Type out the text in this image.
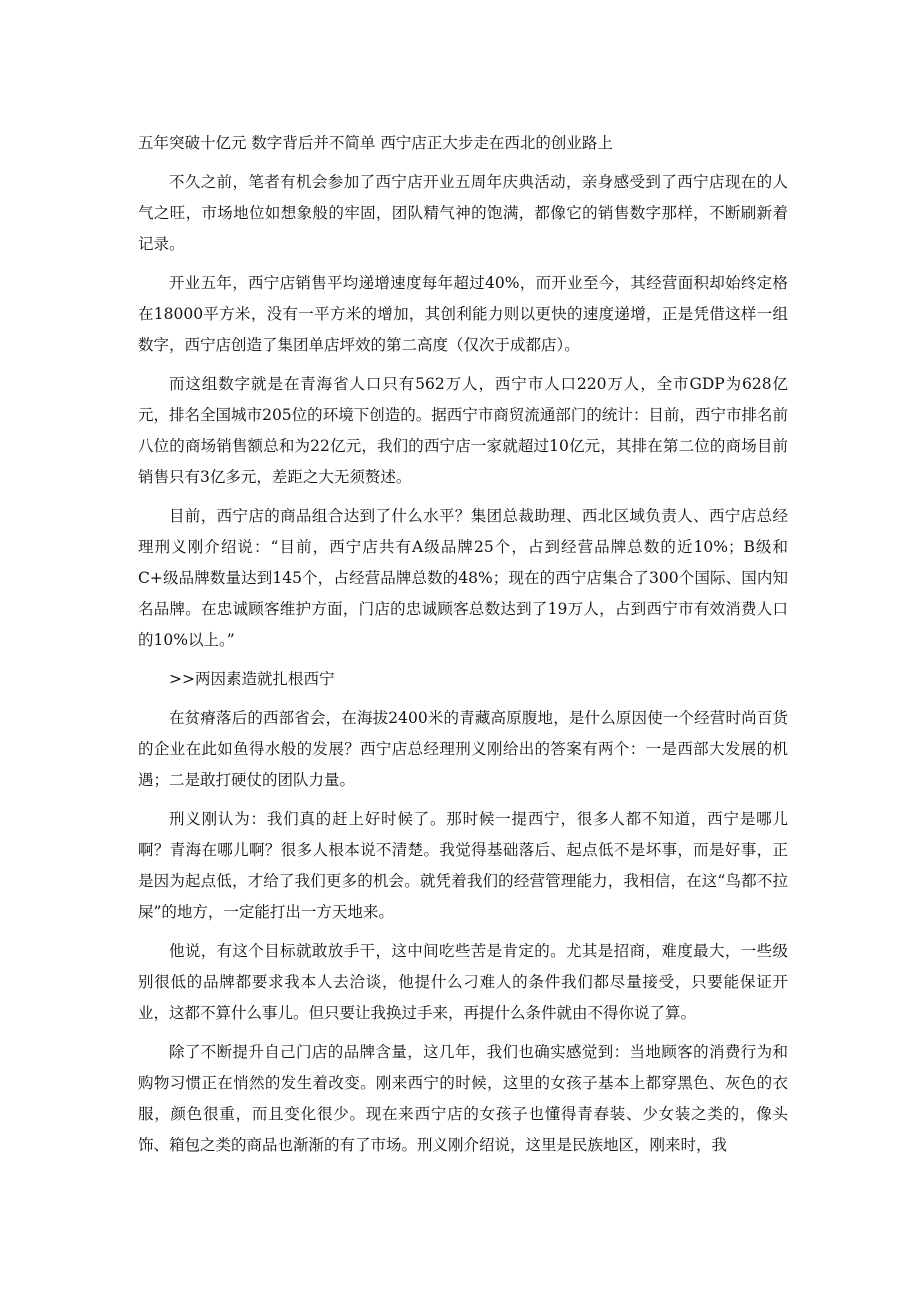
五年突破十亿元 数字背后并不简单 西宁店正大步走在西北的创业路上

不久之前，笔者有机会参加了西宁店开业五周年庆典活动，亲身感受到了西宁店现在的人气之旺，市场地位如想象般的牢固，团队精气神的饱满，都像它的销售数字那样，不断刷新着记录。

开业五年，西宁店销售平均递增速度每年超过40%，而开业至今，其经营面积却始终定格在18000平方米，没有一平方米的增加，其创利能力则以更快的速度递增，正是凭借这样一组数字，西宁店创造了集团单店坪效的第二高度（仅次于成都店）。

而这组数字就是在青海省人口只有562万人，西宁市人口220万人，全市GDP为628亿元，排名全国城市205位的环境下创造的。据西宁市商贸流通部门的统计：目前，西宁市排名前八位的商场销售额总和为22亿元，我们的西宁店一家就超过10亿元，其排在第二位的商场目前销售只有3亿多元，差距之大无须赘述。

目前，西宁店的商品组合达到了什么水平？集团总裁助理、西北区域负责人、西宁店总经理刑义刚介绍说：“目前，西宁店共有A级品牌25个，占到经营品牌总数的近10%；B级和C+级品牌数量达到145个，占经营品牌总数的48%；现在的西宁店集合了300个国际、国内知名品牌。在忠诚顾客维护方面，门店的忠诚顾客总数达到了19万人，占到西宁市有效消费人口的10%以上。”

>>两因素造就扎根西宁

在贫瘠落后的西部省会，在海拔2400米的青藏高原腹地，是什么原因使一个经营时尚百货的企业在此如鱼得水般的发展？西宁店总经理刑义刚给出的答案有两个：一是西部大发展的机遇；二是敢打硬仗的团队力量。

刑义刚认为：我们真的赶上好时候了。那时候一提西宁，很多人都不知道，西宁是哪儿啊？青海在哪儿啊？很多人根本说不清楚。我觉得基础落后、起点低不是坏事，而是好事，正是因为起点低，才给了我们更多的机会。就凭着我们的经营管理能力，我相信，在这“鸟都不拉屎”的地方，一定能打出一方天地来。

他说，有这个目标就敢放手干，这中间吃些苦是肯定的。尤其是招商，难度最大，一些级别很低的品牌都要求我本人去洽谈，他提什么刁难人的条件我们都尽量接受，只要能保证开业，这都不算什么事儿。但只要让我换过手来，再提什么条件就由不得你说了算。

除了不断提升自己门店的品牌含量，这几年，我们也确实感觉到：当地顾客的消费行为和购物习惯正在悄然的发生着改变。刚来西宁的时候，这里的女孩子基本上都穿黑色、灰色的衣服，颜色很重，而且变化很少。现在来西宁店的女孩子也懂得青春装、少女装之类的，像头饰、箱包之类的商品也渐渐的有了市场。刑义刚介绍说，这里是民族地区，刚来时，我
